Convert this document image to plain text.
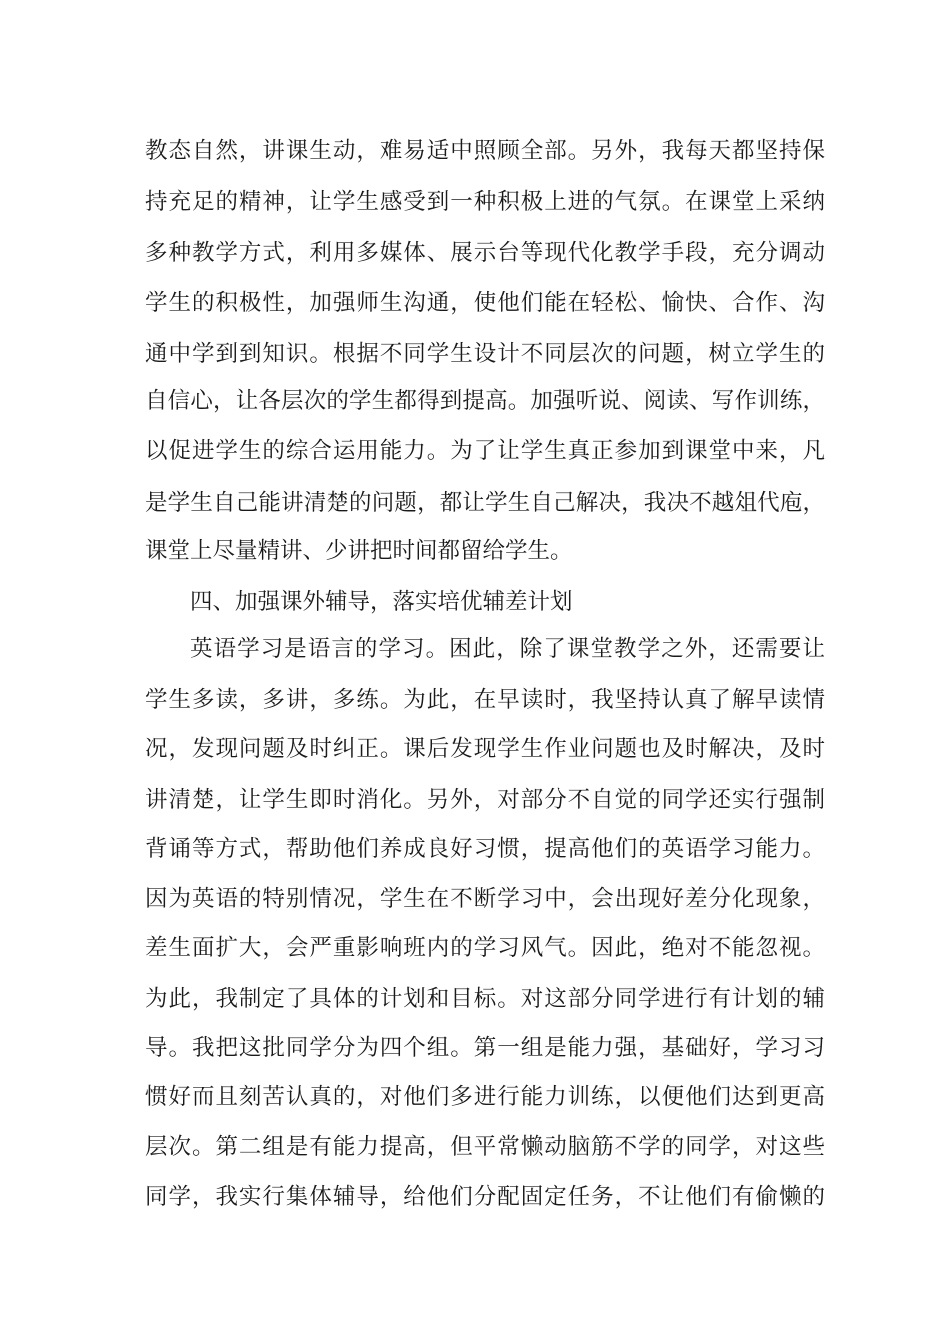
教态自然，讲课生动，难易适中照顾全部。另外，我每天都坚持保
持充足的精神，让学生感受到一种积极上进的气氛。在课堂上采纳
多种教学方式，利用多媒体、展示台等现代化教学手段，充分调动
学生的积极性，加强师生沟通，使他们能在轻松、愉快、合作、沟
通中学到到知识。根据不同学生设计不同层次的问题，树立学生的
自信心，让各层次的学生都得到提高。加强听说、阅读、写作训练，
以促进学生的综合运用能力。为了让学生真正参加到课堂中来，凡
是学生自己能讲清楚的问题，都让学生自己解决，我决不越俎代庖，
课堂上尽量精讲、少讲把时间都留给学生。
四、加强课外辅导，落实培优辅差计划
英语学习是语言的学习。困此，除了课堂教学之外，还需要让
学生多读，多讲，多练。为此，在早读时，我坚持认真了解早读情
况，发现问题及时纠正。课后发现学生作业问题也及时解决，及时
讲清楚，让学生即时消化。另外，对部分不自觉的同学还实行强制
背诵等方式，帮助他们养成良好习惯，提高他们的英语学习能力。
因为英语的特别情况，学生在不断学习中，会出现好差分化现象，
差生面扩大，会严重影响班内的学习风气。因此，绝对不能忽视。
为此，我制定了具体的计划和目标。对这部分同学进行有计划的辅
导。我把这批同学分为四个组。第一组是能力强，基础好，学习习
惯好而且刻苦认真的，对他们多进行能力训练，以便他们达到更高
层次。第二组是有能力提高，但平常懒动脑筋不学的同学，对这些
同学，我实行集体辅导，给他们分配固定任务，不让他们有偷懒的
